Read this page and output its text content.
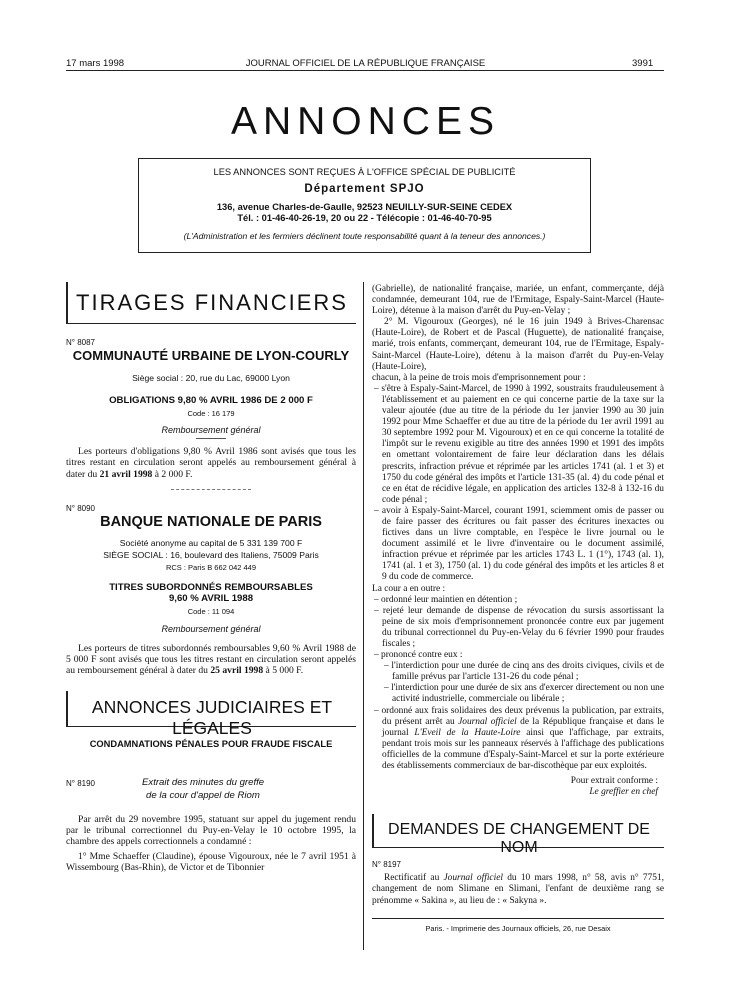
17 mars 1998	JOURNAL OFFICIEL DE LA RÉPUBLIQUE FRANÇAISE	3991
ANNONCES
LES ANNONCES SONT REÇUES À L'OFFICE SPÉCIAL DE PUBLICITÉ
Département SPJO
136, avenue Charles-de-Gaulle, 92523 NEUILLY-SUR-SEINE CEDEX
Tél. : 01-46-40-26-19, 20 ou 22 - Télécopie : 01-46-40-70-95
(L'Administration et les fermiers déclinent toute responsabilité quant à la teneur des annonces.)
TIRAGES FINANCIERS
N° 8087
COMMUNAUTÉ URBAINE DE LYON-COURLY
Siège social : 20, rue du Lac, 69000 Lyon
OBLIGATIONS 9,80 % AVRIL 1986 DE 2 000 F
Code : 16 179
Remboursement général

Les porteurs d'obligations 9,80 % Avril 1986 sont avisés que tous les titres restant en circulation seront appelés au remboursement général à dater du 21 avril 1998 à 2 000 F.

N° 8090
BANQUE NATIONALE DE PARIS
Société anonyme au capital de 5 331 139 700 F
SIÈGE SOCIAL : 16, boulevard des Italiens, 75009 Paris
RCS : Paris B 662 042 449
TITRES SUBORDONNÉS REMBOURSABLES
9,60 % AVRIL 1988
Code : 11 094
Remboursement général

Les porteurs de titres subordonnés remboursables 9,60 % Avril 1988 de 5 000 F sont avisés que tous les titres restant en circulation seront appelés au remboursement général à dater du 25 avril 1998 à 5 000 F.

ANNONCES JUDICIAIRES ET LÉGALES
CONDAMNATIONS PÉNALES POUR FRAUDE FISCALE
N° 8190	Extrait des minutes du greffe
de la cour d'appel de Riom

Par arrêt du 29 novembre 1995, statuant sur appel du jugement rendu par le tribunal correctionnel du Puy-en-Velay le 10 octobre 1995, la chambre des appels correctionnels a condamné :

1° Mme Schaeffer (Claudine), épouse Vigouroux, née le 7 avril 1951 à Wissembourg (Bas-Rhin), de Victor et de Tibonnier

(Gabrielle), de nationalité française, mariée, un enfant, commerçante, déjà condamnée, demeurant 104, rue de l'Ermitage, Espaly-Saint-Marcel (Haute-Loire), détenue à la maison d'arrêt du Puy-en-Velay ;

2° M. Vigouroux (Georges), né le 16 juin 1949 à Brives-Charensac (Haute-Loire), de Robert et de Pascal (Huguette), de nationalité française, marié, trois enfants, commerçant, demeurant 104, rue de l'Ermitage, Espaly-Saint-Marcel (Haute-Loire), détenu à la maison d'arrêt du Puy-en-Velay (Haute-Loire),

chacun, à la peine de trois mois d'emprisonnement pour :

– s'être à Espaly-Saint-Marcel, de 1990 à 1992, soustraits frauduleusement à l'établissement et au paiement en ce qui concerne partie de la taxe sur la valeur ajoutée (due au titre de la période du 1er janvier 1990 au 30 juin 1992 pour Mme Schaeffer et due au titre de la période du 1er avril 1991 au 30 septembre 1992 pour M. Vigouroux) et en ce qui concerne la totalité de l'impôt sur le revenu exigible au titre des années 1990 et 1991 des impôts en omettant volontairement de faire leur déclaration dans les délais prescrits, infraction prévue et réprimée par les articles 1741 (al. 1 et 3) et 1750 du code général des impôts et l'article 131-35 (al. 4) du code pénal et ce en état de récidive légale, en application des articles 132-8 à 132-16 du code pénal ;

– avoir à Espaly-Saint-Marcel, courant 1991, sciemment omis de passer ou de faire passer des écritures ou fait passer des écritures inexactes ou fictives dans un livre comptable, en l'espèce le livre journal ou le document assimilé et le livre d'inventaire ou le document assimilé, infraction prévue et réprimée par les articles 1743 L. 1 (1°), 1743 (al. 1), 1741 (al. 1 et 3), 1750 (al. 1) du code général des impôts et les articles 8 et 9 du code de commerce.

La cour a en outre :

– ordonné leur maintien en détention ;

– rejeté leur demande de dispense de révocation du sursis assortissant la peine de six mois d'emprisonnement prononcée contre eux par jugement du tribunal correctionnel du Puy-en-Velay du 6 février 1990 pour fraudes fiscales ;

– prononcé contre eux :

– l'interdiction pour une durée de cinq ans des droits civiques, civils et de famille prévus par l'article 131-26 du code pénal ;

– l'interdiction pour une durée de six ans d'exercer directement ou non une activité industrielle, commerciale ou libérale ;

– ordonné aux frais solidaires des deux prévenus la publication, par extraits, du présent arrêt au Journal officiel de la République française et dans le journal L'Eveil de la Haute-Loire ainsi que l'affichage, par extraits, pendant trois mois sur les panneaux réservés à l'affichage des publications officielles de la commune d'Espaly-Saint-Marcel et sur la porte extérieure des établissements commerciaux de bar-discothèque par eux exploités.

Pour extrait conforme :

Le greffier en chef

DEMANDES DE CHANGEMENT DE NOM
N° 8197

Rectificatif au Journal officiel du 10 mars 1998, n° 58, avis n° 7751, changement de nom Slimane en Slimani, l'enfant de deuxième rang se prénomme « Sakina », au lieu de : « Sakyna ».

Paris. - Imprimerie des Journaux officiels, 26, rue Desaix
